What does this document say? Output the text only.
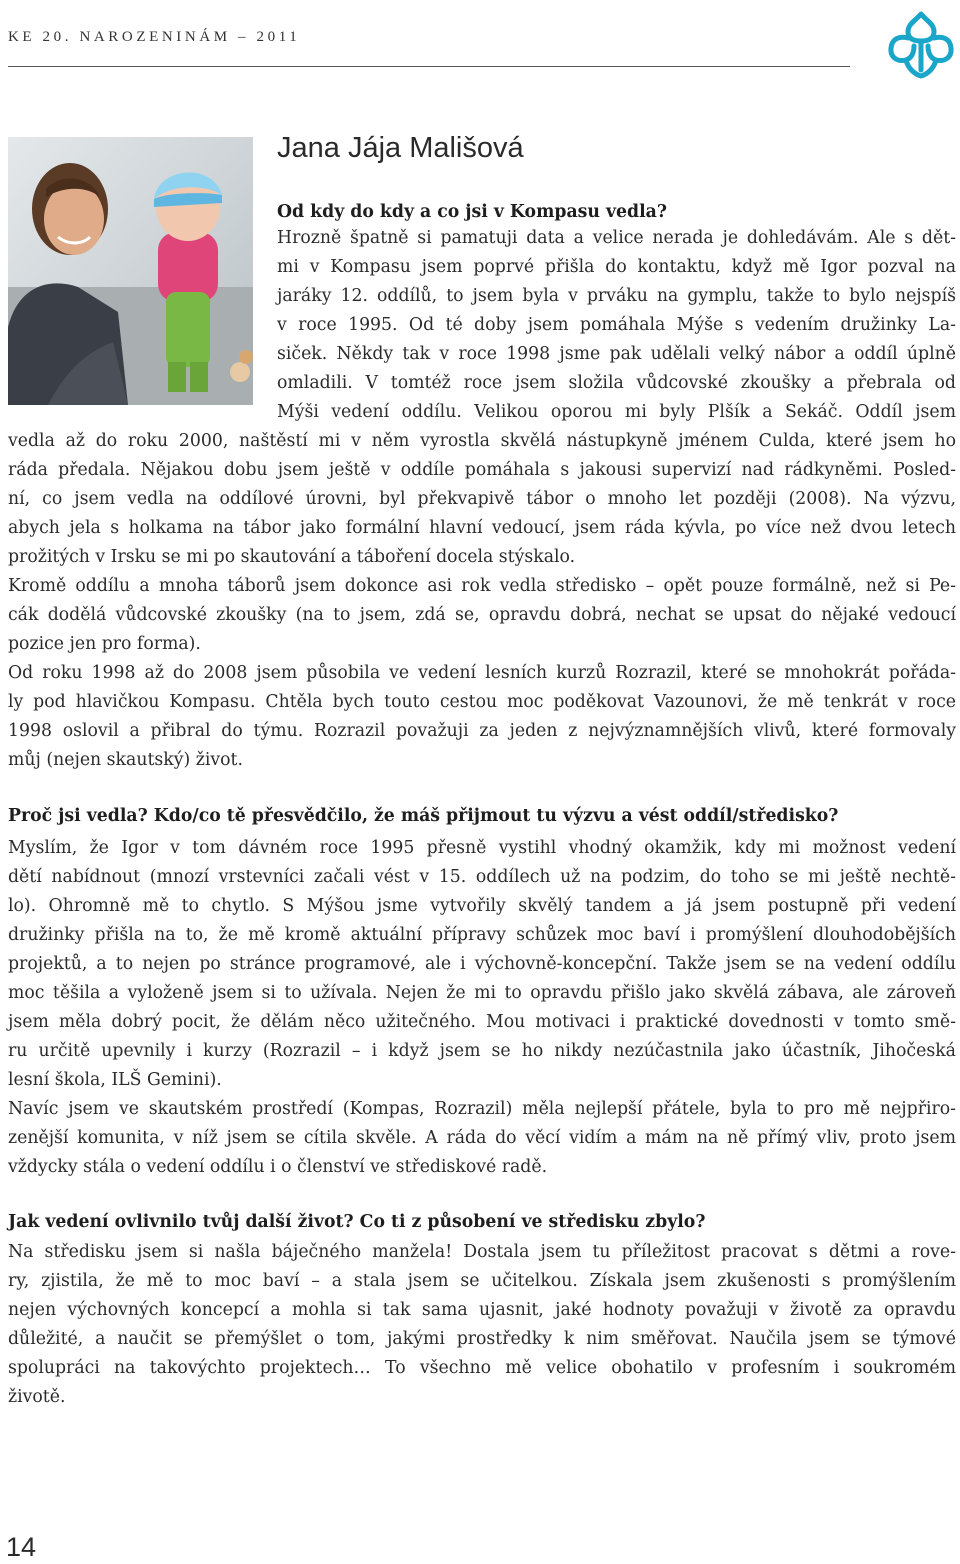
KE 20. NAROZENINÁM – 2011
Jana Jája Mališová
Od kdy do kdy a co jsi v Kompasu vedla?
Hrozně špatně si pamatuji data a velice nerada je dohledávám. Ale s dět-
mi v Kompasu jsem poprvé přišla do kontaktu, když mě Igor pozval na
jaráky 12. oddílů, to jsem byla v prváku na gymplu, takže to bylo nejspíš
v roce 1995. Od té doby jsem pomáhala Mýše s vedením družinky La-
siček. Někdy tak v roce 1998 jsme pak udělali velký nábor a oddíl úplně
omladili. V tomtéž roce jsem složila vůdcovské zkoušky a přebrala od
Mýši vedení oddílu. Velikou oporou mi byly Plšík a Sekáč. Oddíl jsem
vedla až do roku 2000, naštěstí mi v něm vyrostla skvělá nástupkyně jménem Culda, které jsem ho
ráda předala. Nějakou dobu jsem ještě v oddíle pomáhala s jakousi supervizí nad rádkyněmi. Posled-
ní, co jsem vedla na oddílové úrovni, byl překvapivě tábor o mnoho let později (2008). Na výzvu,
abych jela s holkama na tábor jako formální hlavní vedoucí, jsem ráda kývla, po více než dvou letech
prožitých v Irsku se mi po skautování a táboření docela stýskalo.
Kromě oddílu a mnoha táborů jsem dokonce asi rok vedla středisko – opět pouze formálně, než si Pe-
cák dodělá vůdcovské zkoušky (na to jsem, zdá se, opravdu dobrá, nechat se upsat do nějaké vedoucí
pozice jen pro forma).
Od roku 1998 až do 2008 jsem působila ve vedení lesních kurzů Rozrazil, které se mnohokrát pořáda-
ly pod hlavičkou Kompasu. Chtěla bych touto cestou moc poděkovat Vazounovi, že mě tenkrát v roce
1998 oslovil a přibral do týmu. Rozrazil považuji za jeden z nejvýznamnějších vlivů, které formovaly
můj (nejen skautský) život.
Proč jsi vedla? Kdo/co tě přesvědčilo, že máš přijmout tu výzvu a vést oddíl/středisko?
Myslím, že Igor v tom dávném roce 1995 přesně vystihl vhodný okamžik, kdy mi možnost vedení
dětí nabídnout (mnozí vrstevníci začali vést v 15. oddílech už na podzim, do toho se mi ještě nechtě-
lo). Ohromně mě to chytlo. S Mýšou jsme vytvořily skvělý tandem a já jsem postupně při vedení
družinky přišla na to, že mě kromě aktuální přípravy schůzek moc baví i promýšlení dlouhodobějších
projektů, a to nejen po stránce programové, ale i výchovně-koncepční. Takže jsem se na vedení oddílu
moc těšila a vyloženě jsem si to užívala. Nejen že mi to opravdu přišlo jako skvělá zábava, ale zároveň
jsem měla dobrý pocit, že dělám něco užitečného. Mou motivaci i praktické dovednosti v tomto smě-
ru určitě upevnily i kurzy (Rozrazil – i když jsem se ho nikdy nezúčastnila jako účastník, Jihočeská
lesní škola, ILŠ Gemini).
Navíc jsem ve skautském prostředí (Kompas, Rozrazil) měla nejlepší přátele, byla to pro mě nejpřiro-
zenější komunita, v níž jsem se cítila skvěle. A ráda do věcí vidím a mám na ně přímý vliv, proto jsem
vždycky stála o vedení oddílu i o členství ve střediskové radě.
Jak vedení ovlivnilo tvůj další život? Co ti z působení ve středisku zbylo?
Na středisku jsem si našla báječného manžela! Dostala jsem tu příležitost pracovat s dětmi a rove-
ry, zjistila, že mě to moc baví – a stala jsem se učitelkou. Získala jsem zkušenosti s promýšlením
nejen výchovných koncepcí a mohla si tak sama ujasnit, jaké hodnoty považuji v životě za opravdu
důležité, a naučit se přemýšlet o tom, jakými prostředky k nim směřovat. Naučila jsem se týmové
spolupráci na takovýchto projektech… To všechno mě velice obohatilo v profesním i soukromém
životě.
14
